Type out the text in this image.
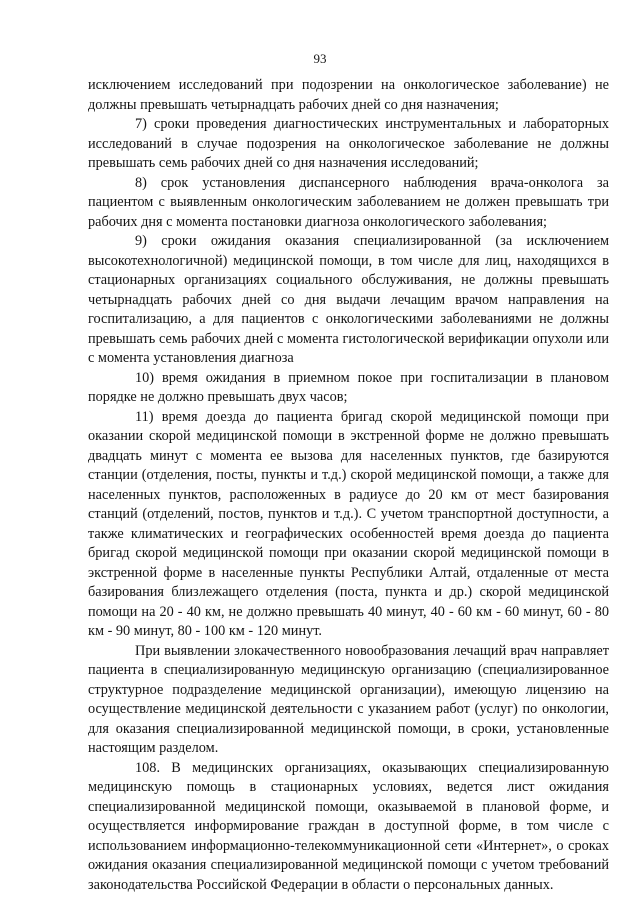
93

исключением исследований при подозрении на онкологическое заболевание) не должны превышать четырнадцать рабочих дней со дня назначения;

7) сроки проведения диагностических инструментальных и лабораторных исследований в случае подозрения на онкологическое заболевание не должны превышать семь рабочих дней со дня назначения исследований;

8) срок установления диспансерного наблюдения врача-онколога за пациентом с выявленным онкологическим заболеванием не должен превышать три рабочих дня с момента постановки диагноза онкологического заболевания;

9) сроки ожидания оказания специализированной (за исключением высокотехнологичной) медицинской помощи, в том числе для лиц, находящихся в стационарных организациях социального обслуживания, не должны превышать четырнадцать рабочих дней со дня выдачи лечащим врачом направления на госпитализацию, а для пациентов с онкологическими заболеваниями не должны превышать семь рабочих дней с момента гистологической верификации опухоли или с момента установления диагноза

10) время ожидания в приемном покое при госпитализации в плановом порядке не должно превышать двух часов;

11) время доезда до пациента бригад скорой медицинской помощи при оказании скорой медицинской помощи в экстренной форме не должно превышать двадцать минут с момента ее вызова для населенных пунктов, где базируются станции (отделения, посты, пункты и т.д.) скорой медицинской помощи, а также для населенных пунктов, расположенных в радиусе до 20 км от мест базирования станций (отделений, постов, пунктов и т.д.). С учетом транспортной доступности, а также климатических и географических особенностей время доезда до пациента бригад скорой медицинской помощи при оказании скорой медицинской помощи в экстренной форме в населенные пункты Республики Алтай, отдаленные от места базирования близлежащего отделения (поста, пункта и др.) скорой медицинской помощи на 20 - 40 км, не должно превышать 40 минут, 40 - 60 км - 60 минут, 60 - 80 км - 90 минут, 80 - 100 км - 120 минут.

При выявлении злокачественного новообразования лечащий врач направляет пациента в специализированную медицинскую организацию (специализированное структурное подразделение медицинской организации), имеющую лицензию на осуществление медицинской деятельности с указанием работ (услуг) по онкологии, для оказания специализированной медицинской помощи, в сроки, установленные настоящим разделом.

108. В медицинских организациях, оказывающих специализированную медицинскую помощь в стационарных условиях, ведется лист ожидания специализированной медицинской помощи, оказываемой в плановой форме, и осуществляется информирование граждан в доступной форме, в том числе с использованием информационно-телекоммуникационной сети «Интернет», о сроках ожидания оказания специализированной медицинской помощи с учетом требований законодательства Российской Федерации в области о персональных данных.
